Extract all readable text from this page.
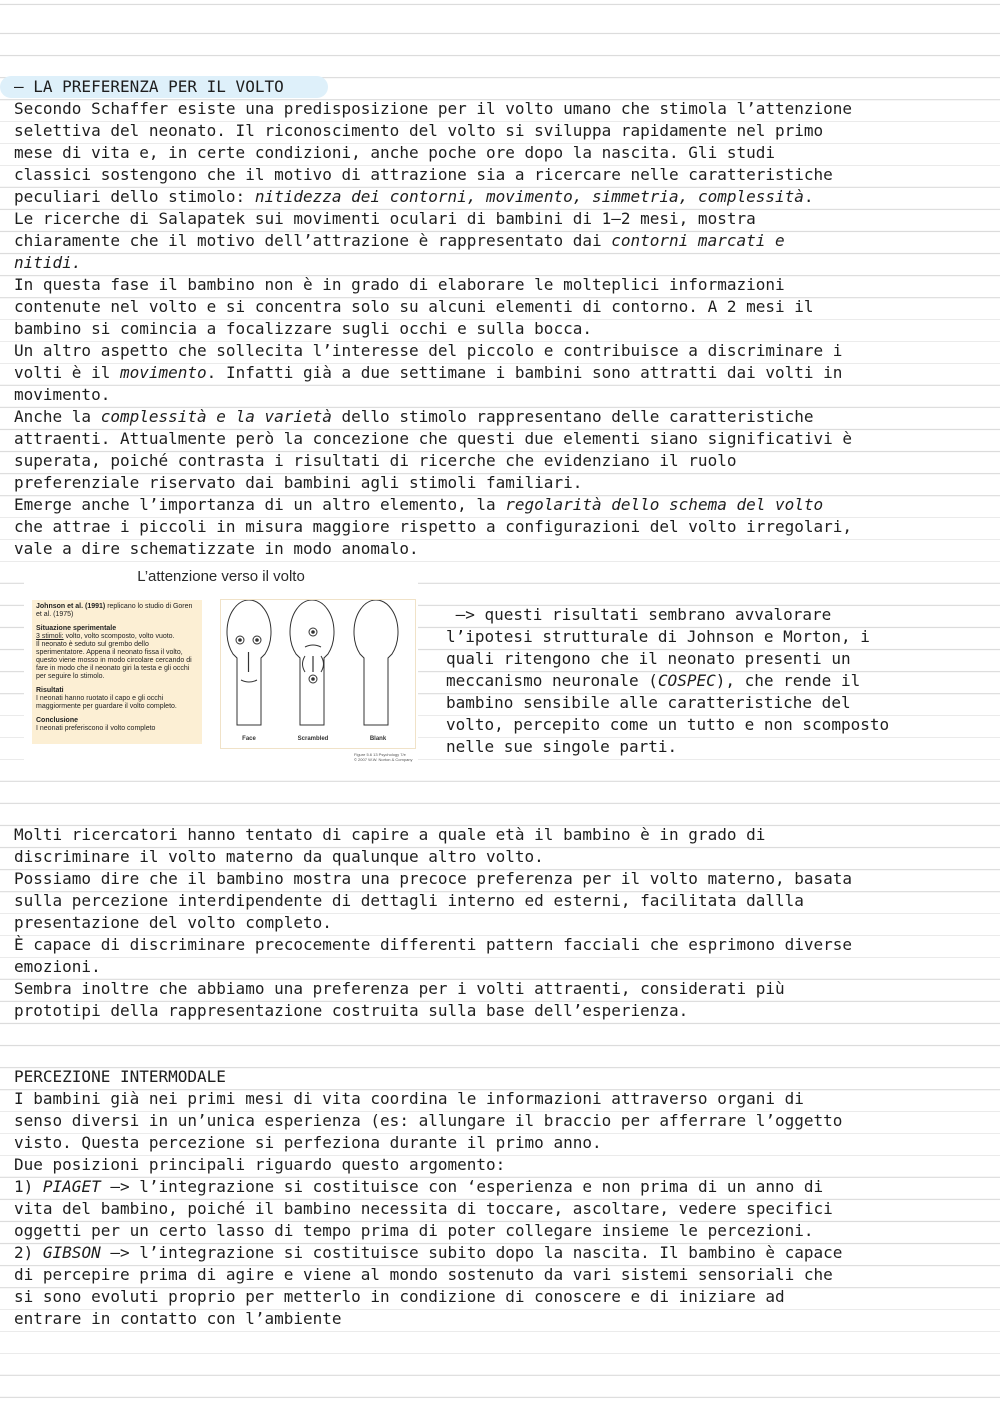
– LA PREFERENZA PER IL VOLTO
Secondo Schaffer esiste una predisposizione per il volto umano che stimola l’attenzione
selettiva del neonato. Il riconoscimento del volto si sviluppa rapidamente nel primo
mese di vita e, in certe condizioni, anche poche ore dopo la nascita. Gli studi
classici sostengono che il motivo di attrazione sia a ricercare nelle caratteristiche
peculiari dello stimolo: nitidezza dei contorni, movimento, simmetria, complessità.
Le ricerche di Salapatek sui movimenti oculari di bambini di 1–2 mesi, mostra
chiaramente che il motivo dell’attrazione è rappresentato dai contorni marcati e
nitidi.
In questa fase il bambino non è in grado di elaborare le molteplici informazioni
contenute nel volto e si concentra solo su alcuni elementi di contorno. A 2 mesi il
bambino si comincia a focalizzare sugli occhi e sulla bocca.
Un altro aspetto che sollecita l’interesse del piccolo e contribuisce a discriminare i
volti è il movimento. Infatti già a due settimane i bambini sono attratti dai volti in
movimento.
Anche la complessità e la varietà dello stimolo rappresentano delle caratteristiche
attraenti. Attualmente però la concezione che questi due elementi siano significativi è
superata, poiché contrasta i risultati di ricerche che evidenziano il ruolo
preferenziale riservato dai bambini agli stimoli familiari.
Emerge anche l’importanza di un altro elemento, la regolarità dello schema del volto
che attrae i piccoli in misura maggiore rispetto a configurazioni del volto irregolari,
vale a dire schematizzate in modo anomalo.
L’attenzione verso il volto
Johnson et al. (1991) replicano lo studio di Goren et al. (1975)
Situazione sperimentale
3 stimoli: volto, volto scomposto, volto vuoto.
Il neonato è seduto sul grembo dello sperimentatore. Appena il neonato fissa il volto, questo viene mosso in modo circolare cercando di fare in modo che il neonato giri la testa e gli occhi per seguire lo stimolo.
Risultati
I neonati hanno ruotato il capo e gli occhi maggiormente per guardare il volto completo.
Conclusione
I neonati preferiscono il volto completo
Face	Scrambled	Blank
Figure 5.6 13 Psychology 7/e
© 2007 W.W. Norton & Company
–> questi risultati sembrano avvalorare
l’ipotesi strutturale di Johnson e Morton, i
quali ritengono che il neonato presenti un
meccanismo neuronale (COSPEC), che rende il
bambino sensibile alle caratteristiche del
volto, percepito come un tutto e non scomposto
nelle sue singole parti.
Molti ricercatori hanno tentato di capire a quale età il bambino è in grado di
discriminare il volto materno da qualunque altro volto.
Possiamo dire che il bambino mostra una precoce preferenza per il volto materno, basata
sulla percezione interdipendente di dettagli interno ed esterni, facilitata dallla
presentazione del volto completo.
È capace di discriminare precocemente differenti pattern facciali che esprimono diverse
emozioni.
Sembra inoltre che abbiamo una preferenza per i volti attraenti, considerati più
prototipi della rappresentazione costruita sulla base dell’esperienza.
PERCEZIONE INTERMODALE
I bambini già nei primi mesi di vita coordina le informazioni attraverso organi di
senso diversi in un’unica esperienza (es: allungare il braccio per afferrare l’oggetto
visto. Questa percezione si perfeziona durante il primo anno.
Due posizioni principali riguardo questo argomento:
1) PIAGET –> l’integrazione si costituisce con ‘esperienza e non prima di un anno di
vita del bambino, poiché il bambino necessita di toccare, ascoltare, vedere specifici
oggetti per un certo lasso di tempo prima di poter collegare insieme le percezioni.
2) GIBSON –> l’integrazione si costituisce subito dopo la nascita. Il bambino è capace
di percepire prima di agire e viene al mondo sostenuto da vari sistemi sensoriali che
si sono evoluti proprio per metterlo in condizione di conoscere e di iniziare ad
entrare in contatto con l’ambiente
